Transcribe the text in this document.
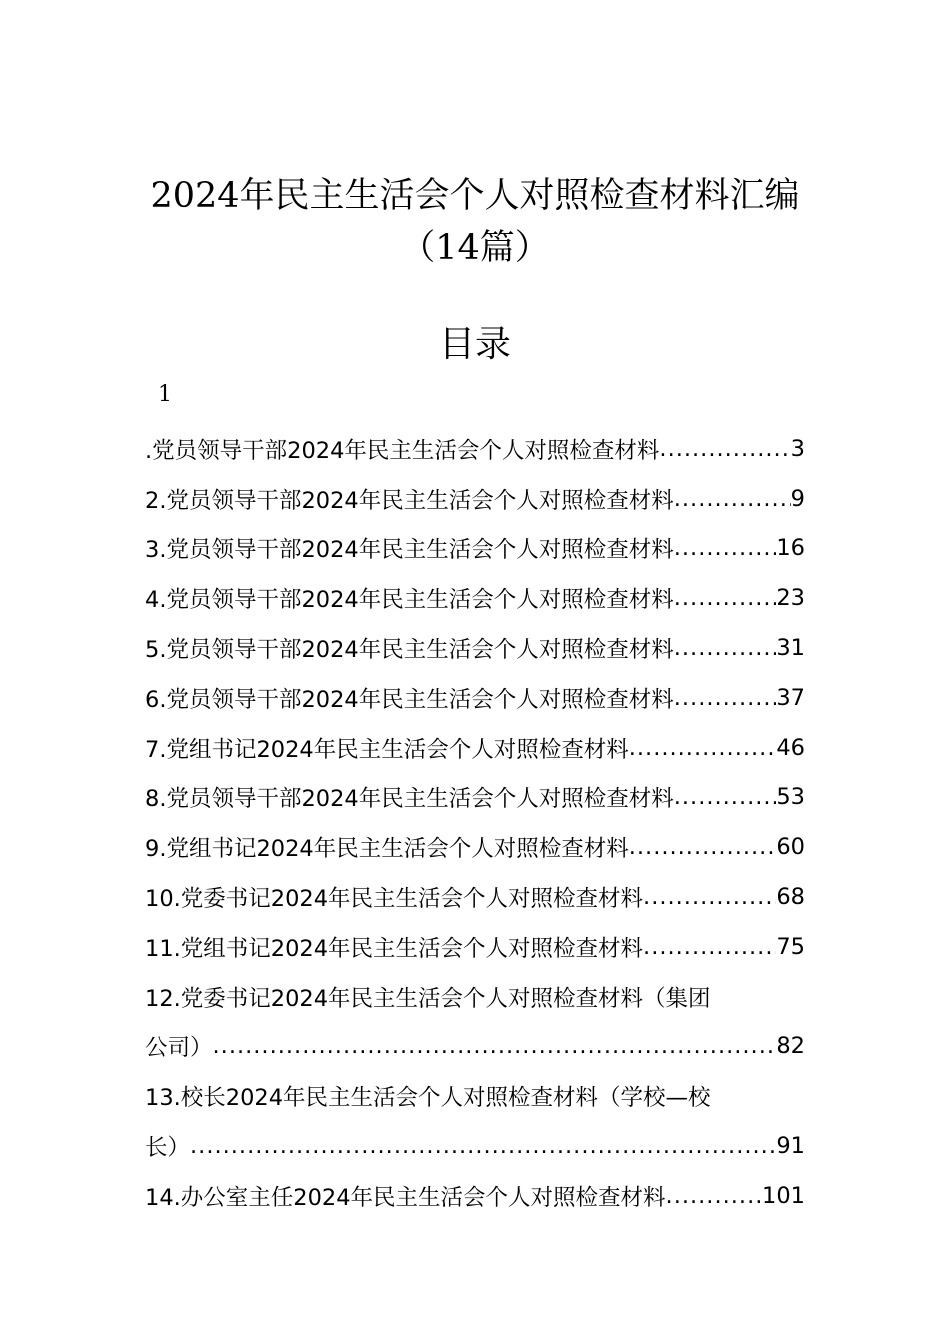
2024年民主生活会个人对照检查材料汇编
（14篇）
目录
1
.党员领导干部2024年民主生活会个人对照检查材料 .....	3
2.党员领导干部2024年民主生活会个人对照检查材料 .....	9
3.党员领导干部2024年民主生活会个人对照检查材料 .....	16
4.党员领导干部2024年民主生活会个人对照检查材料 .....	23
5.党员领导干部2024年民主生活会个人对照检查材料 .....	31
6.党员领导干部2024年民主生活会个人对照检查材料 .....	37
7.党组书记2024年民主生活会个人对照检查材料 .....	46
8.党员领导干部2024年民主生活会个人对照检查材料 .....	53
9.党组书记2024年民主生活会个人对照检查材料 .....	60
10.党委书记2024年民主生活会个人对照检查材料 .....	68
11.党组书记2024年民主生活会个人对照检查材料 .....	75
12.党委书记2024年民主生活会个人对照检查材料（集团
公司） .....	82
13.校长2024年民主生活会个人对照检查材料（学校—校
长） .....	91
14.办公室主任2024年民主生活会个人对照检查材料 .....	101
